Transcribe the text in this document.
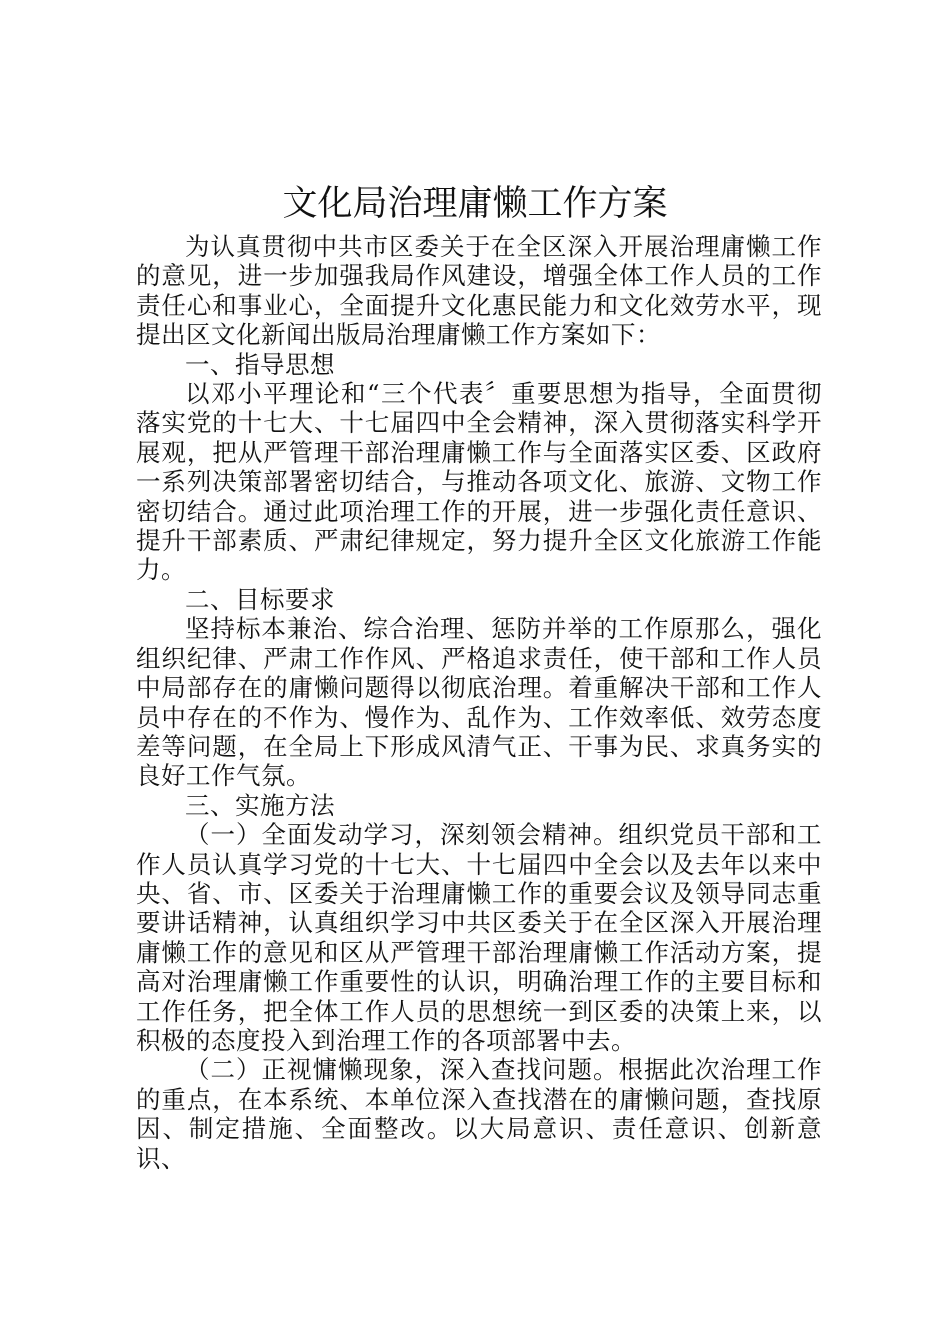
文化局治理庸懒工作方案

为认真贯彻中共市区委关于在全区深入开展治理庸懒工作的意见，进一步加强我局作风建设，增强全体工作人员的工作责任心和事业心，全面提升文化惠民能力和文化效劳水平，现提出区文化新闻出版局治理庸懒工作方案如下：

一、指导思想

以邓小平理论和“三个代表〞重要思想为指导，全面贯彻落实党的十七大、十七届四中全会精神，深入贯彻落实科学开展观，把从严管理干部治理庸懒工作与全面落实区委、区政府一系列决策部署密切结合，与推动各项文化、旅游、文物工作密切结合。通过此项治理工作的开展，进一步强化责任意识、提升干部素质、严肃纪律规定，努力提升全区文化旅游工作能力。

二、目标要求

坚持标本兼治、综合治理、惩防并举的工作原那么，强化组织纪律、严肃工作作风、严格追求责任，使干部和工作人员中局部存在的庸懒问题得以彻底治理。着重解决干部和工作人员中存在的不作为、慢作为、乱作为、工作效率低、效劳态度差等问题，在全局上下形成风清气正、干事为民、求真务实的良好工作气氛。

三、实施方法

（一）全面发动学习，深刻领会精神。组织党员干部和工作人员认真学习党的十七大、十七届四中全会以及去年以来中央、省、市、区委关于治理庸懒工作的重要会议及领导同志重要讲话精神，认真组织学习中共区委关于在全区深入开展治理庸懒工作的意见和区从严管理干部治理庸懒工作活动方案，提高对治理庸懒工作重要性的认识，明确治理工作的主要目标和工作任务，把全体工作人员的思想统一到区委的决策上来，以积极的态度投入到治理工作的各项部署中去。

（二）正视慵懒现象，深入查找问题。根据此次治理工作的重点，在本系统、本单位深入查找潜在的庸懒问题，查找原因、制定措施、全面整改。以大局意识、责任意识、创新意识、
